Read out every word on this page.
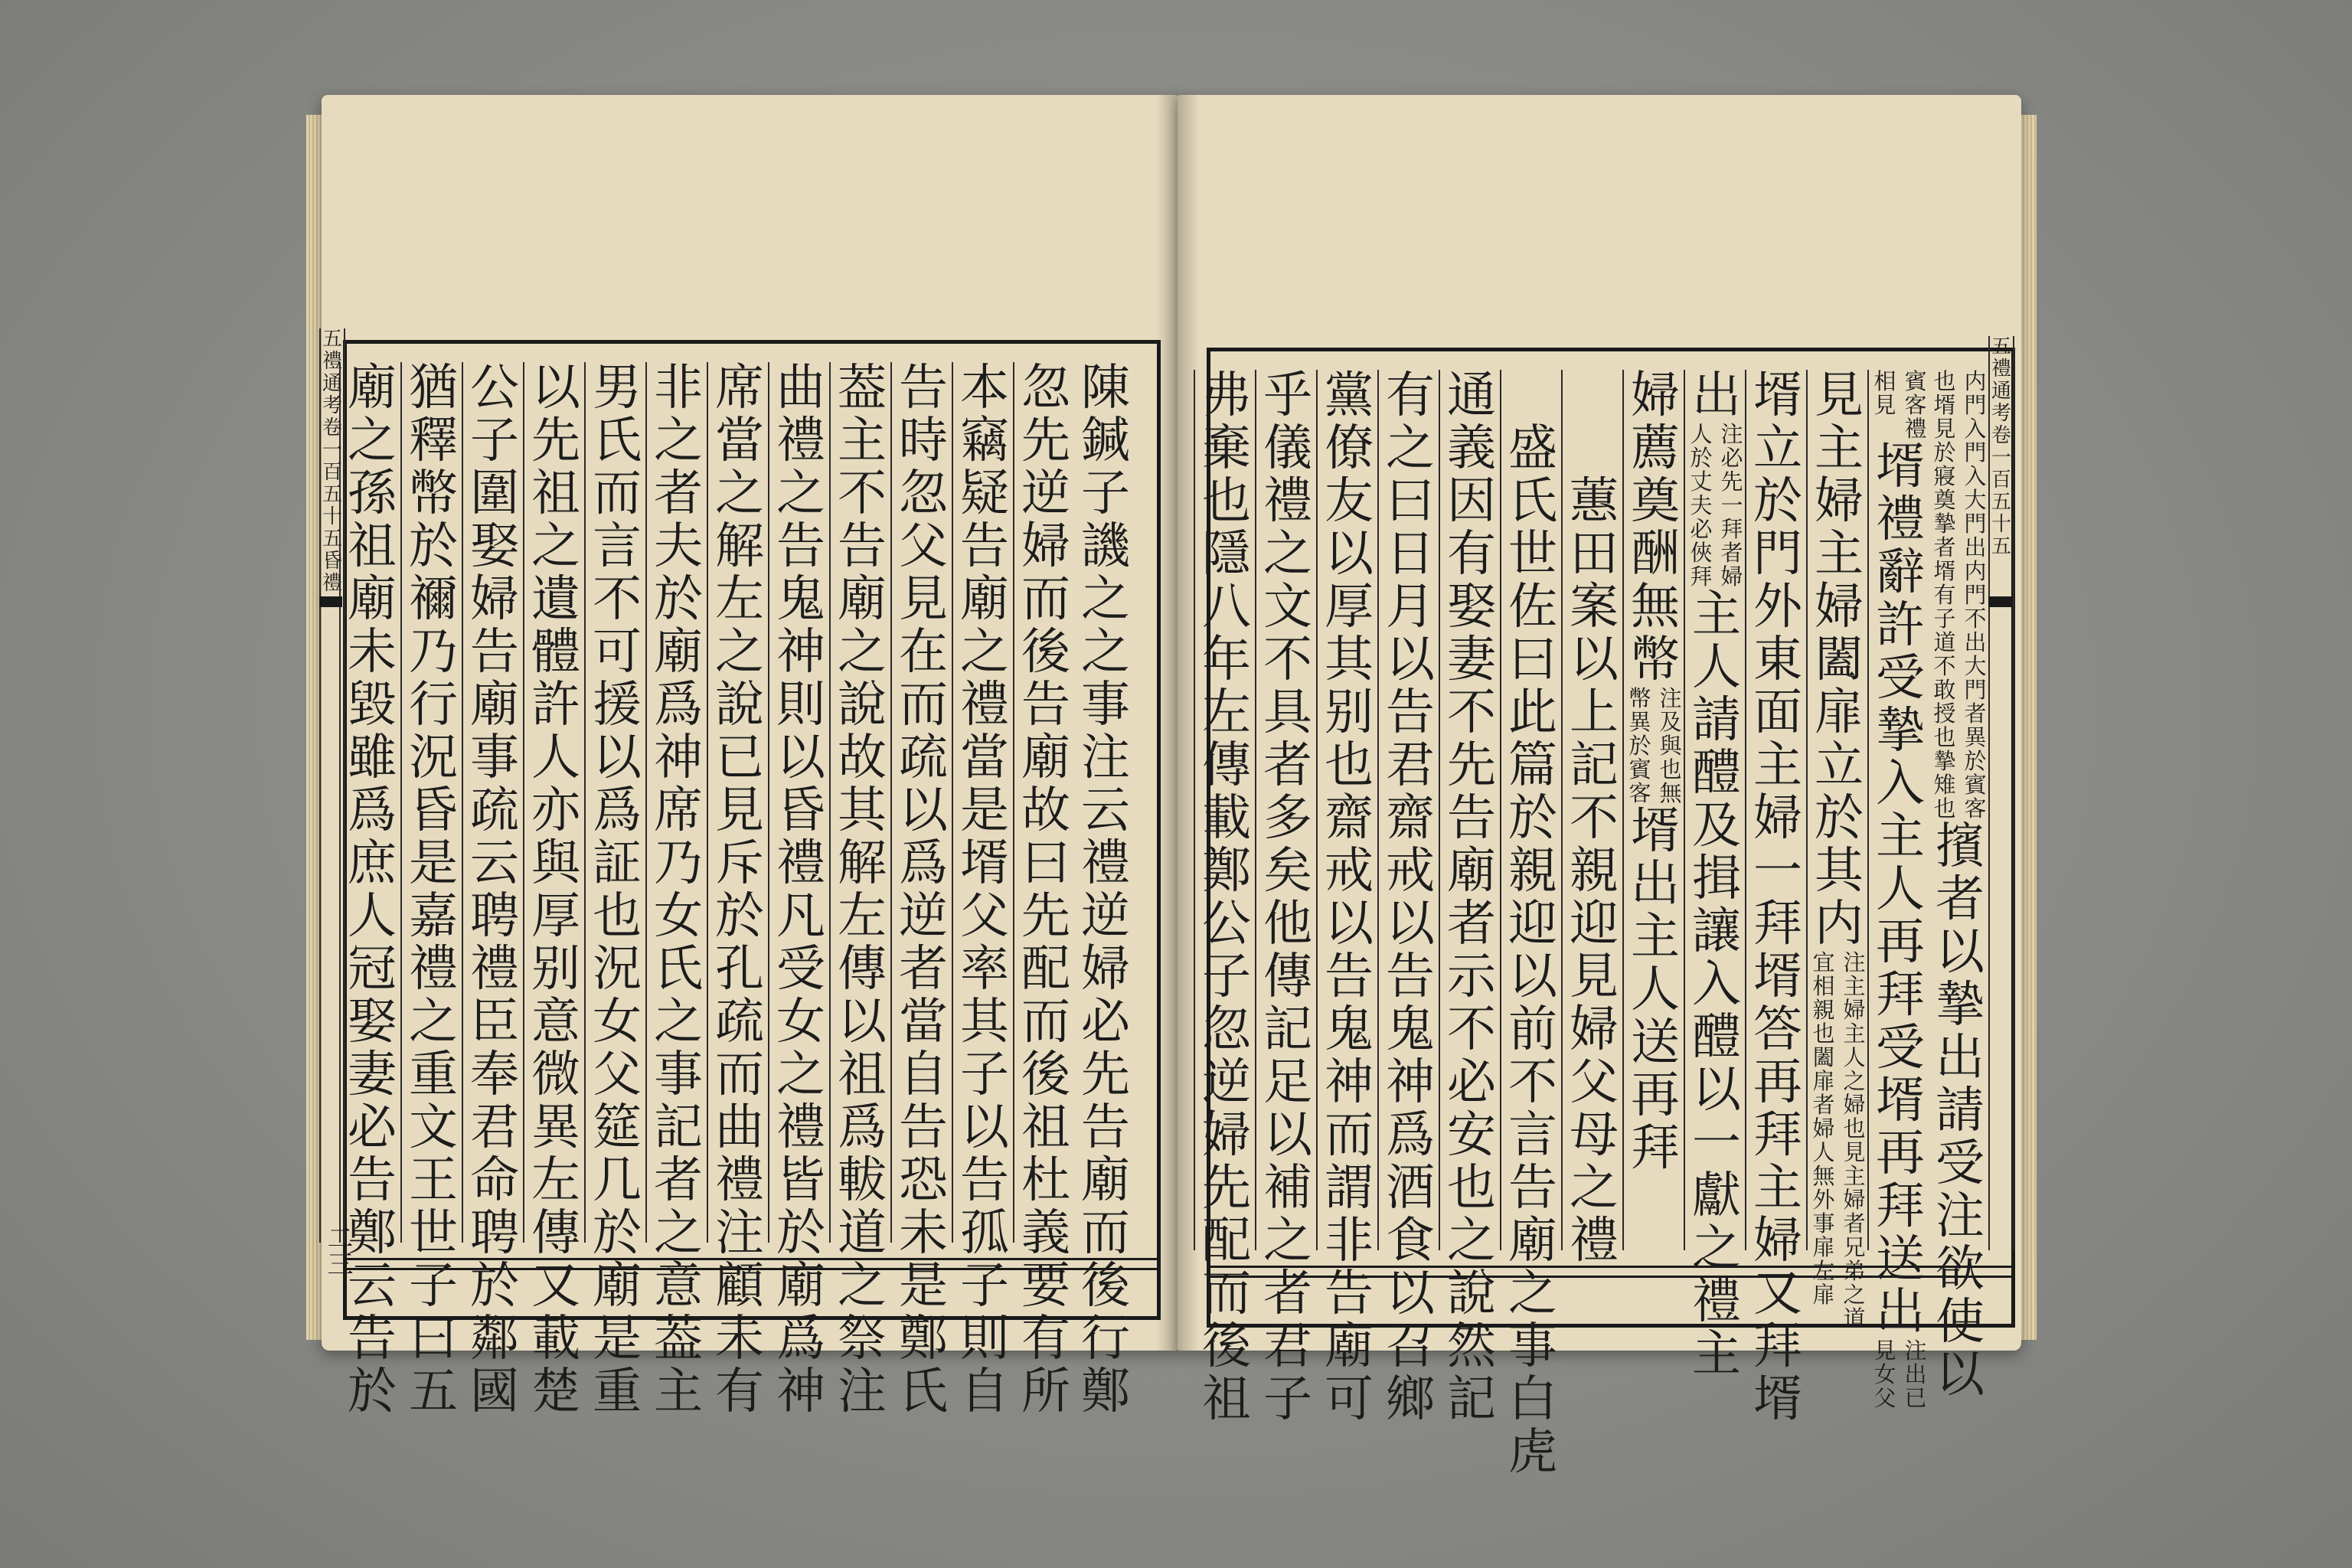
陳
鍼
子
譏
之
之
事
注
云
禮
逆
婦
必
先
告
廟
而
後
行
鄭
忽
先
逆
婦
而
後
告
廟
故
曰
先
配
而
後
祖
杜
義
要
有
所
本
竊
疑
告
廟
之
禮
當
是
壻
父
率
其
子
以
告
孤
子
則
自
告
時
忽
父
見
在
而
疏
以
爲
逆
者
當
自
告
恐
未
是
鄭
氏
葢
主
不
告
廟
之
說
故
其
解
左
傳
以
祖
爲
軷
道
之
祭
注
曲
禮
之
告
鬼
神
則
以
昏
禮
凡
受
女
之
禮
皆
於
廟
爲
神
席
當
之
解
左
之
說
已
見
斥
於
孔
疏
而
曲
禮
注
顧
未
有
非
之
者
夫
於
廟
爲
神
席
乃
女
氏
之
事
記
者
之
意
葢
主
男
氏
而
言
不
可
援
以
爲
証
也
況
女
父
筵
几
於
廟
是
重
以
先
祖
之
遺
體
許
人
亦
與
厚
别
意
微
異
左
傳
又
載
楚
公
子
圍
娶
婦
告
廟
事
疏
云
聘
禮
臣
奉
君
命
聘
於
鄰
國
猶
釋
幣
於
禰
乃
行
況
昏
是
嘉
禮
之
重
文
王
世
子
曰
五
廟
之
孫
祖
廟
未
毀
雖
爲
庶
人
冠
娶
妻
必
告
鄭
云
告
於
五
禮
通
考
卷
一
百
五
十
五
昏
禮
二三
内
也
門
壻
入
見
門
於
入
寢
大
奠
門
摯
出
者
内
壻
門
有
不
子
出
道
大
不
門
敢
者
授
異
也
於
摯
賓
雉
客
也
擯
者
以
摯
出
請
受
注
欲
使
以
賓
相
客
見
禮
壻
禮
辭
許
受
摯
入
主
人
再
拜
受
壻
再
拜
送
出
注
見
出
女
已
父
見
主
婦
主
婦
闔
扉
立
於
其
内
注
宜
主
相
婦
親
主
也
人
闔
之
扉
婦
者
也
婦
見
人
主
無
婦
外
者
事
兄
扉
弟
左
之
扉
道
壻
立
於
門
外
東
面
主
婦
一
拜
壻
答
再
拜
主
婦
又
拜
壻
出
注
人
必
於
先
丈
一
夫
拜
必
者
俠
婦
拜
主
人
請
醴
及
揖
讓
入
醴
以
一
獻
之
禮
主
婦
薦
奠
酬
無
幣
注
幣
及
異
與
於
也
賓
無
客
壻
出
主
人
送
再
拜
蕙
田
案
以
上
記
不
親
迎
見
婦
父
母
之
禮
盛
氏
世
佐
曰
此
篇
於
親
迎
以
前
不
言
告
廟
之
事
白
虎
通
義
因
有
娶
妻
不
先
告
廟
者
示
不
必
安
也
之
說
然
記
有
之
曰
日
月
以
告
君
齋
戒
以
告
鬼
神
爲
酒
食
以
召
鄉
黨
僚
友
以
厚
其
别
也
齋
戒
以
告
鬼
神
而
謂
非
告
廟
可
乎
儀
禮
之
文
不
具
者
多
矣
他
傳
記
足
以
補
之
者
君
子
弗
棄
也
隱
八
年
左
傳
載
鄭
公
子
忽
逆
婦
先
配
而
後
祖
五
禮
通
考
卷
一
百
五
十
五
